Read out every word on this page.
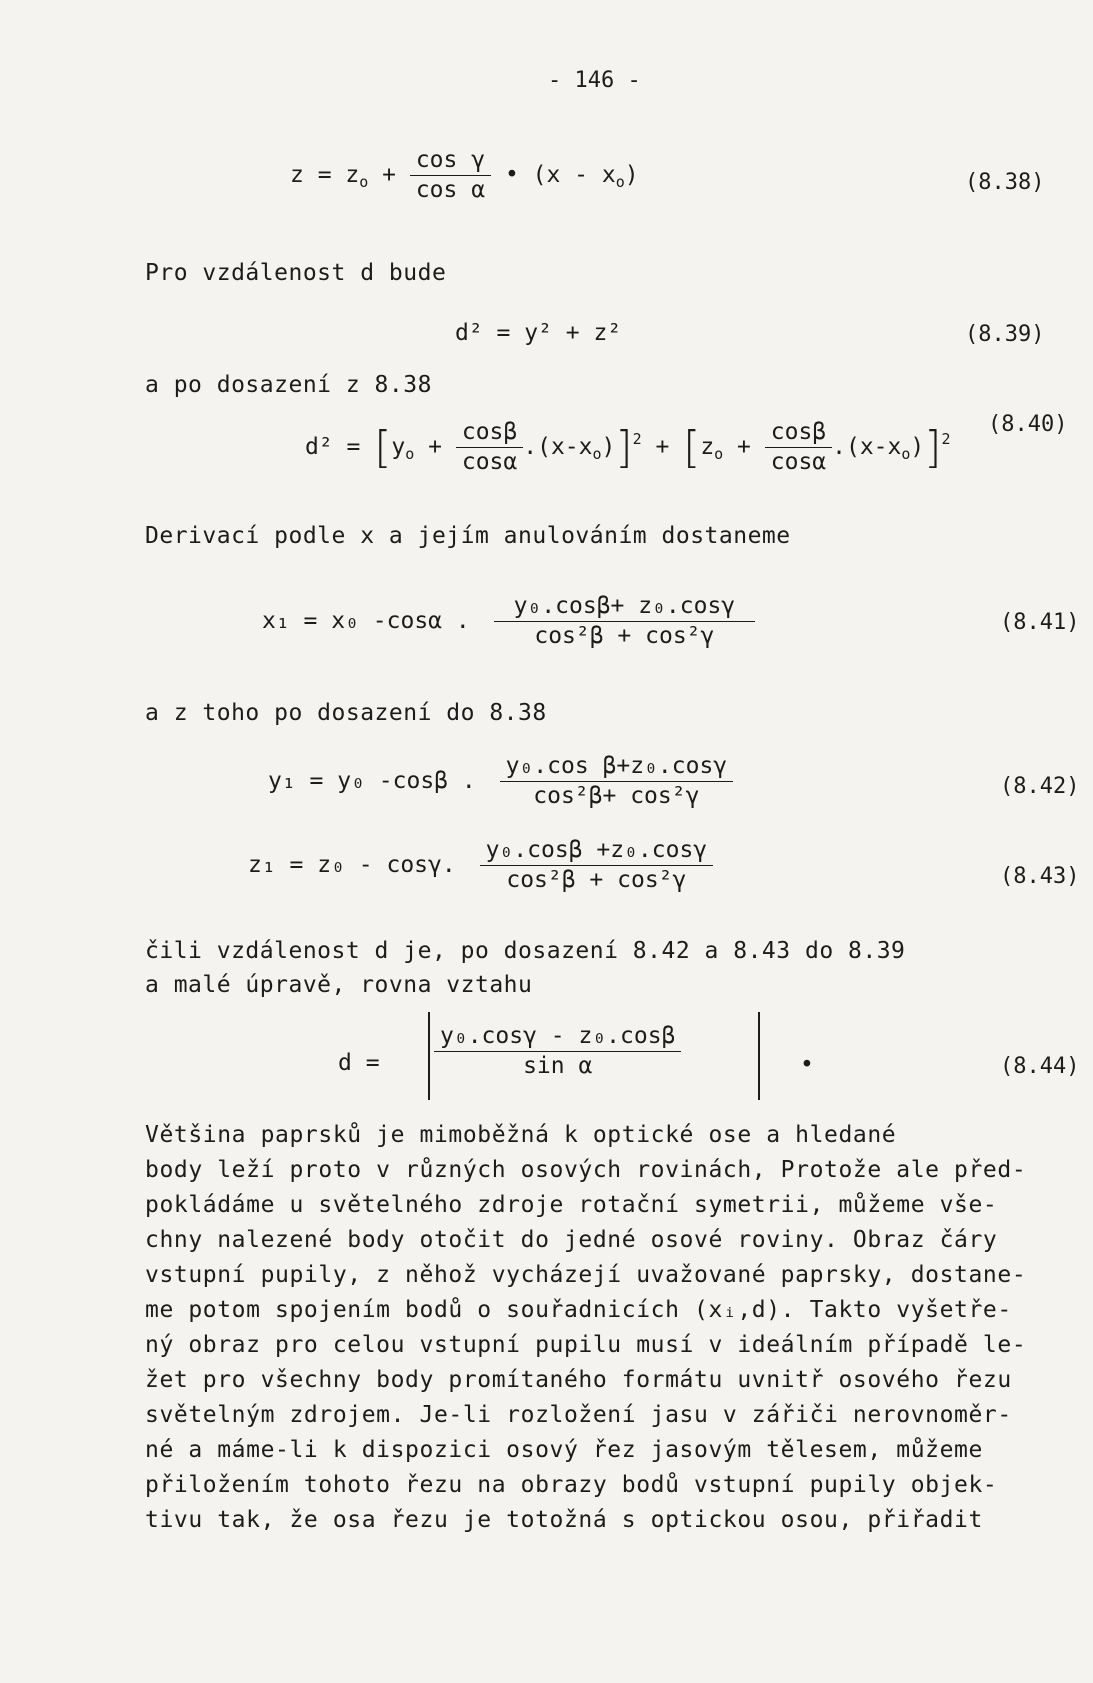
- 146 -
$z = z_o + \frac{\text{cos γ}}{\text{cos α}}$ • $(x - x_o)$	(8.38)
Pro vzdálenost d bude
d² = y² + z²	(8.39)
a po dosazení z 8.38
$d^2 = [y_o + \frac{\cos\beta}{\cos\alpha} .(x-x_o)]^2 + [z_o + \frac{\cos\beta}{\cos\alpha} .(x-x_o)]^2$
(8.40)
Derivací podle x a jejím anulováním dostaneme
x₁ = x₀ -cosα . $\frac{\text{y₀.cosβ+ z₀.cosγ}}{\text{cos²β + cos²γ}}$	(8.41)
a z toho po dosazení do 8.38
y₁ = y₀ -cosβ . $\frac{\text{y₀.cos β+z₀.cosγ}}{\text{cos²β+ cos²γ}}$	(8.42)
z₁ = z₀ - cosγ. $\frac{\text{y₀.cosβ +z₀.cosγ}}{\text{cos²β + cos²γ}}$	(8.43)
čili vzdálenost d je, po dosazení 8.42 a 8.43 do 8.39
a malé úpravě, rovna vztahu
$d = \frac{\text{y₀.cosγ - z₀.cosβ}}{\text{sin α}}$	•	(8.44)

Většina paprsků je mimoběžná k optické ose a hledané

body leží proto v různých osových rovinách, Protože ale před-

pokládáme u světelného zdroje rotační symetrii, můžeme vše-

chny nalezené body otočit do jedné osové roviny. Obraz čáry

vstupní pupily, z něhož vycházejí uvažované paprsky, dostane-

me potom spojením bodů o souřadnicích (xᵢ,d). Takto vyšetře-

ný obraz pro celou vstupní pupilu musí v ideálním případě le-

žet pro všechny body promítaného formátu uvnitř osového řezu

světelným zdrojem. Je-li rozložení jasu v zářiči nerovnoměr-

né a máme-li k dispozici osový řez jasovým tělesem, můžeme

přiložením tohoto řezu na obrazy bodů vstupní pupily objek-

tivu tak, že osa řezu je totožná s optickou osou, přiřadit
